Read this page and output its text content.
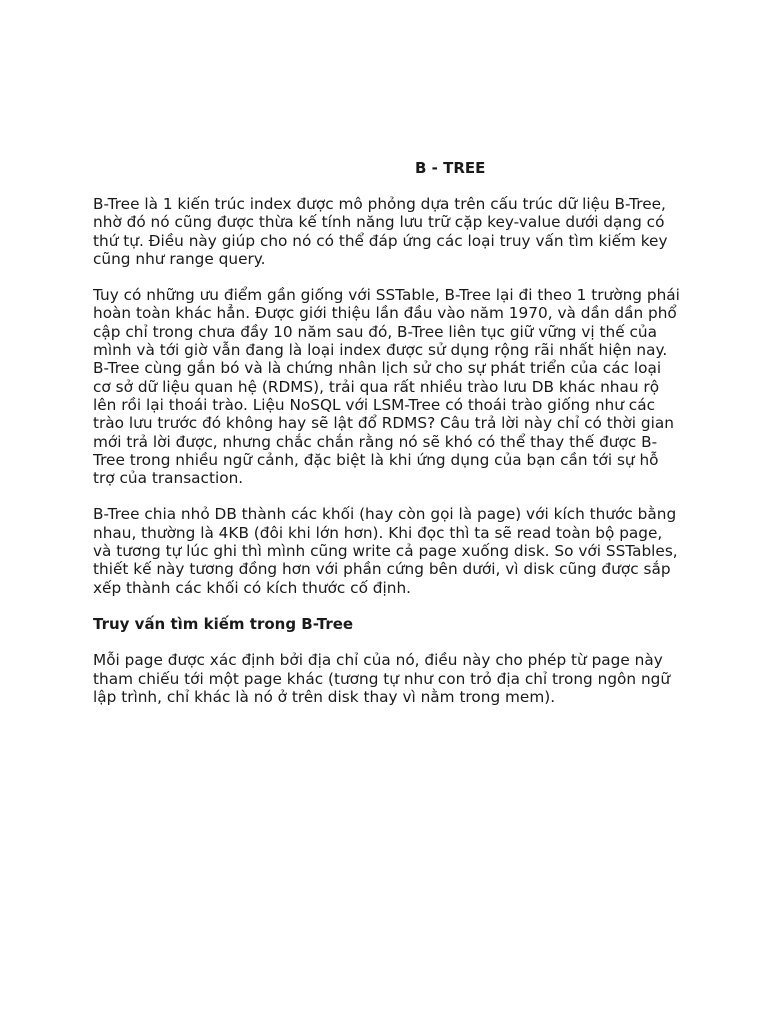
B - TREE

B-Tree là 1 kiến trúc index được mô phỏng dựa trên cấu trúc dữ liệu B-Tree, nhờ đó nó cũng được thừa kế tính năng lưu trữ cặp key-value dưới dạng có thứ tự. Điều này giúp cho nó có thể đáp ứng các loại truy vấn tìm kiếm key cũng như range query.

Tuy có những ưu điểm gần giống với SSTable, B-Tree lại đi theo 1 trường phái hoàn toàn khác hẳn. Được giới thiệu lần đầu vào năm 1970, và dần dần phổ cập chỉ trong chưa đầy 10 năm sau đó, B-Tree liên tục giữ vững vị thế của mình và tới giờ vẫn đang là loại index được sử dụng rộng rãi nhất hiện nay. B-Tree cùng gắn bó và là chứng nhân lịch sử cho sự phát triển của các loại cơ sở dữ liệu quan hệ (RDMS), trải qua rất nhiều trào lưu DB khác nhau rộ lên rồi lại thoái trào. Liệu NoSQL với LSM-Tree có thoái trào giống như các trào lưu trước đó không hay sẽ lật đổ RDMS? Câu trả lời này chỉ có thời gian mới trả lời được, nhưng chắc chắn rằng nó sẽ khó có thể thay thế được B-Tree trong nhiều ngữ cảnh, đặc biệt là khi ứng dụng của bạn cần tới sự hỗ trợ của transaction.

B-Tree chia nhỏ DB thành các khối (hay còn gọi là page) với kích thước bằng nhau, thường là 4KB (đôi khi lớn hơn). Khi đọc thì ta sẽ read toàn bộ page, và tương tự lúc ghi thì mình cũng write cả page xuống disk. So với SSTables, thiết kế này tương đồng hơn với phần cứng bên dưới, vì disk cũng được sắp xếp thành các khối có kích thước cố định.

Truy vấn tìm kiếm trong B-Tree

Mỗi page được xác định bởi địa chỉ của nó, điều này cho phép từ page này tham chiếu tới một page khác (tương tự như con trỏ địa chỉ trong ngôn ngữ lập trình, chỉ khác là nó ở trên disk thay vì nằm trong mem).
